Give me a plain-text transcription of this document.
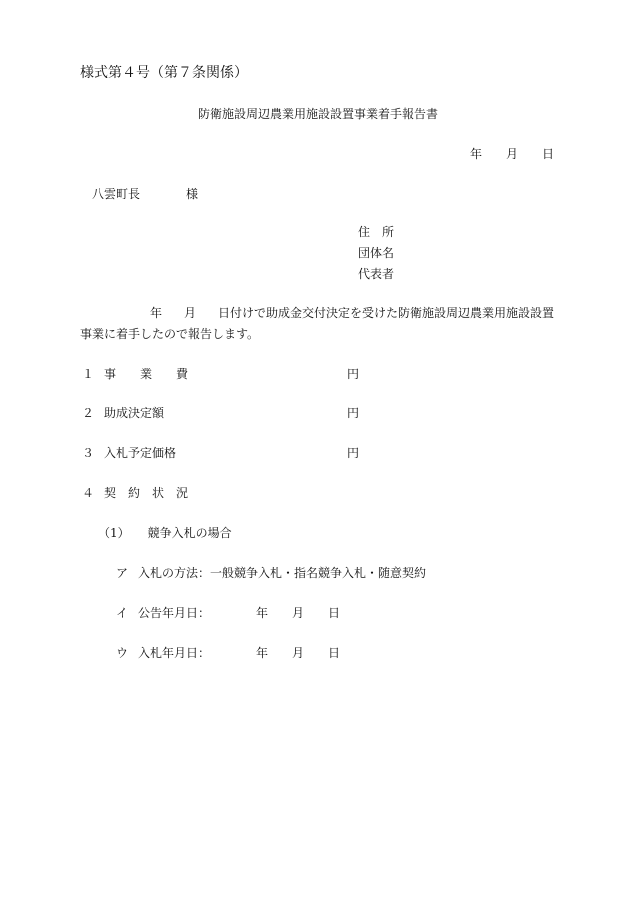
様式第４号（第７条関係）
防衛施設周辺農業用施設設置事業着手報告書
年 月 日
八雲町長	様
住　所
団体名
代表者
年 月 日付けで助成金交付決定を受けた防衛施設周辺農業用施設設置
事業に着手したので報告します。
１ 事　　業　　費	円
２ 助成決定額	円
３ 入札予定価格	円
４ 契　約　状　況
（1） 競争入札の場合
ア 入札の方法：一般競争入札・指名競争入札・随意契約
イ 公告年月日：	年 月 日
ウ 入札年月日：	年 月 日
